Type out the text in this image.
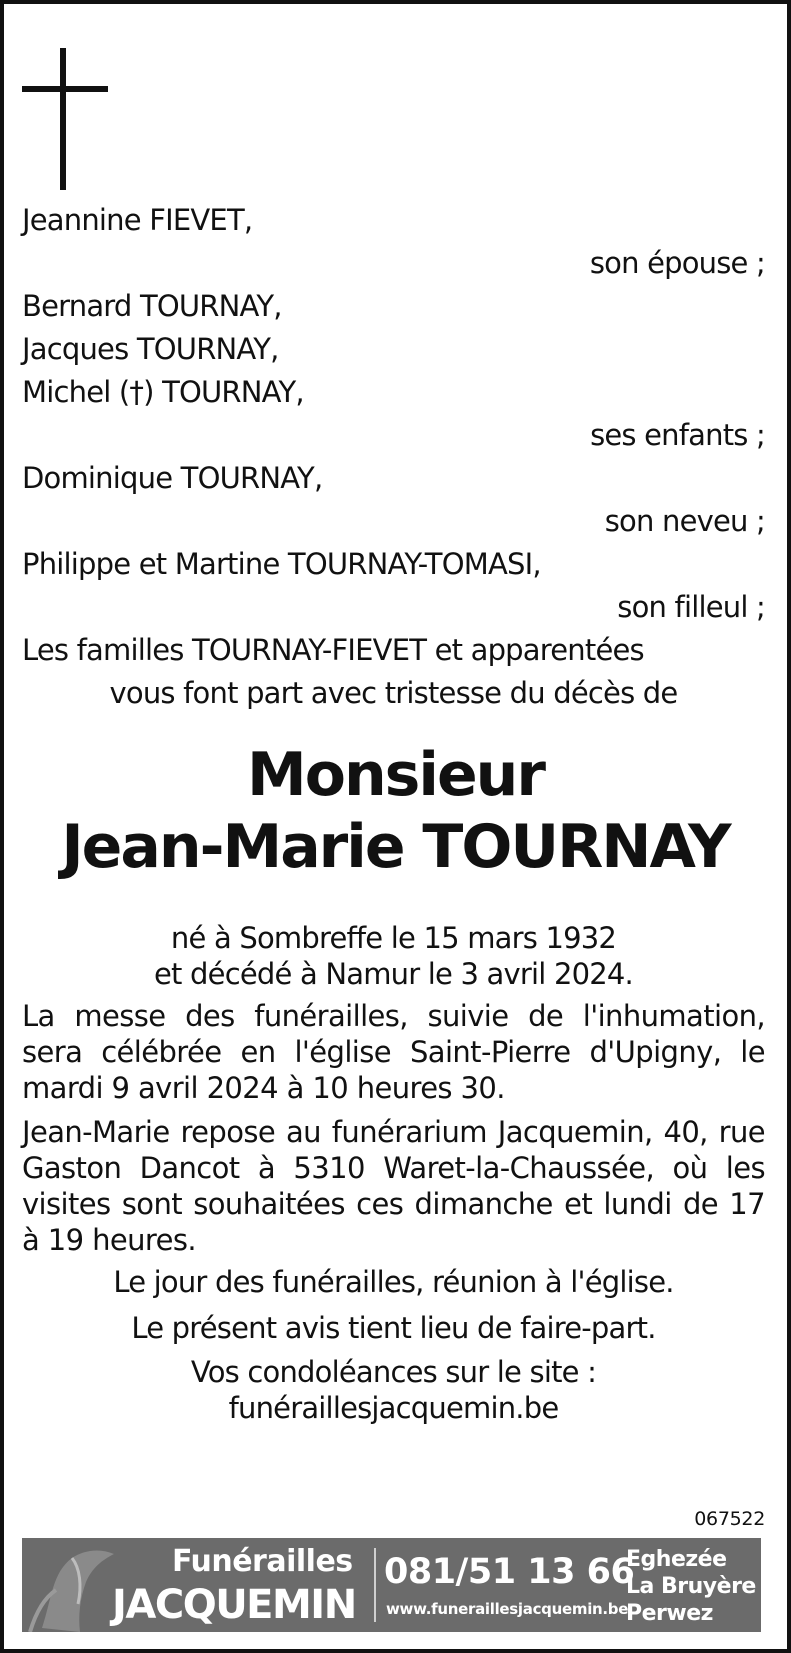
Jeannine FIEVET,
son épouse ;
Bernard TOURNAY,
Jacques TOURNAY,
Michel (†) TOURNAY,
ses enfants ;
Dominique TOURNAY,
son neveu ;
Philippe et Martine TOURNAY-TOMASI,
son filleul ;
Les familles TOURNAY-FIEVET et apparentées
vous font part avec tristesse du décès de
Monsieur
Jean-Marie TOURNAY
né à Sombreffe le 15 mars 1932
et décédé à Namur le 3 avril 2024.
La messe des funérailles, suivie de l'inhumation, sera célébrée en l'église Saint-Pierre d'Upigny, le mardi 9 avril 2024 à 10 heures 30.
Jean-Marie repose au funérarium Jacquemin, 40, rue Gaston Dancot à 5310 Waret-la-Chaussée, où les visites sont souhaitées ces dimanche et lundi de 17 à 19 heures.
Le jour des funérailles, réunion à l'église.
Le présent avis tient lieu de faire-part.
Vos condoléances sur le site :
funéraillesjacquemin.be
067522
Funérailles
JACQUEMIN
081/51 13 66
www.funeraillesjacquemin.be
Eghezée
La Bruyère
Perwez
